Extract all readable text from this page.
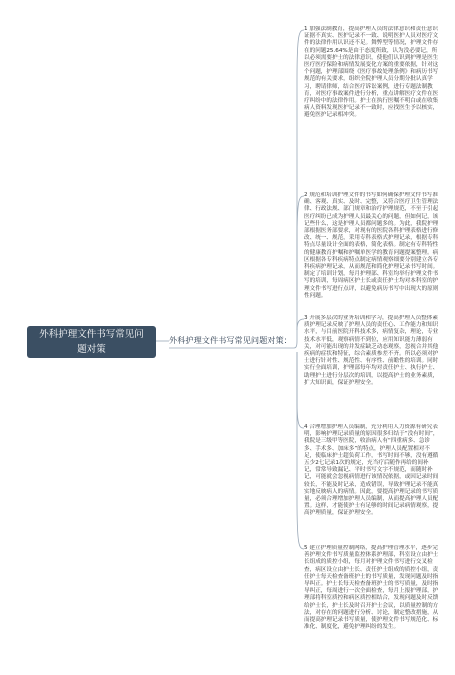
外科护理文件书写常见问题对策
外科护理文件书写常见问题对策：

1 加强法制教育，提高护理人员的法律意识和责任意识证据不真实、医护记录不一致、说明医护人员对医疗文件的法律作用认识还不足。舞弊型等情况，护理文件存在的问题25.64%是由于态度所致，认为没必要记，所以必须需要护士的法律意识，使他们认识到护理是医生医疗医疗保险和病情发展变化方案的重要依据，针对这个问题，护理部围绕《医疗事故处理条例》和病历书写规范的有关要求，组织全院护理人员分期分批认真学习，聘请律师，结合医疗诉讼案例，进行专题法制教育，对医疗事故案件进行分析，重点讲解医疗文件在医疗纠纷中的法律作用。护士在执行医嘱不明白或在收集病人资料发现医护记录不一致时，应找医生予以核实，避免医护记录相冲突。

2 规范和培训护理文件的书写如何确保护理文件书写准确、客观、真实、及时、完整，又符合医疗卫生管理法律、行政法规、部门规章和治疗护理规范，不至于引起医疗纠纷已成为护理人员最关心的问题，但如何记，该记些什么，这是护理人员都问题多的。为此，我院护理部根据医务部要求，对现有的医院各科护理表格进行修改、统一、规范，采用专科表格式护理记录，根据专科特点尽量设计全面的表格，简化表格。制定有专科特性的健康教育护嘱和护嘱单医学的教育问题提案整理。病区根据各专科疾病特点制定病情观察细要分别建立各专科疾病护理记录，从而规范和简化护理记录书写时间。制定了培训计划，每月护理部、科室均举行护理文件书写的培训，每周病区护士长或责任护士均对本科室的护理文件书写进行点评，以避免病历书写中出现大的原则性问题。

3 开展多层次的业务培训和学习，提高护理人员整体素质护理记录反映了护理人员的责任心、工作能力和知识水平，与目前医院开科技术多，病情复杂，理论，专业技术水平低，观察病情不到位，应用知识能力薄弱有关，对可能出现的并发症缺乏动态观察，忽视合并其他疾病的症状和特征，综合素质参差不齐。所以必须对护士进行针对性、规范性、有序性、前瞻性的培训。同时实行全面培训，护理部每年均对责任护士、执行护士、助理护士进行分层次的培训，以提高护士的业务素质，扩大知识面，保证护理安全。

4 合理增加护理人员编制，充分利用人力资源有研究表明，影响护理记录质量的原因很多归结于“没有时间”，我院是三级甲等医院，收治病人有“四重病多、急诊多、手术多、加床多”的特点，护理人员配置相对不足，使临床护士超负荷工作，书写时间不够，没有遵循五少2七记录1次的规定，充当疗后随作再给的间补记，常常导致漏记、平时书写文字不规范，而随时补记，可能就会忽视病情进行该情况依据，或因记录时间较长，不能及时记录，造成错误，导致护理记录不能真实地反映病人的病情。因此，要提高护理记录的书写质量，必须合理增加护理人员编制，从而提高护理人员配置。这样，才能使护士有足够的时间记录病情观察，提高护理质量，保证护理安全。

5 建立护理质量控制网络，提高护理管理水平，逐步完善护理文件书写质量监控体系护理部，科室设立由护士长组成的质控小组，每月对护理文件书写进行交叉检查，病区设立由护士长、责任护士组成的质控小组，责任护士每天检查备班护士的书写质量，发现问题及时指导纠正。护士长每天检查备班护士的书写质量，及时指导纠正，每周进行一次全面检查，每月上报护理部，护理部将科室质控和病区质控相结合，发现问题及时反馈给护士长，护士长及时召开护士会议，以质量控制的方法，对存在的问题进行分析、讨论，制定整改措施，从而提高护理记录书写质量，使护理文件书写规范化、标准化、制度化，避免护理纠纷的发生。
